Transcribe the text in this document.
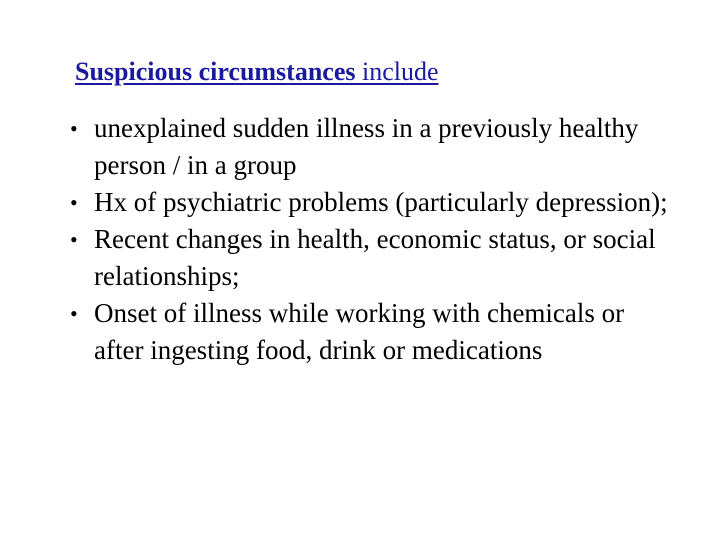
Suspicious circumstances include
• unexplained sudden illness in a previously healthy person / in a group
• Hx of psychiatric problems (particularly depression);
• Recent changes in health, economic status, or social relationships;
• Onset of illness while working with chemicals or after ingesting food, drink or medications
